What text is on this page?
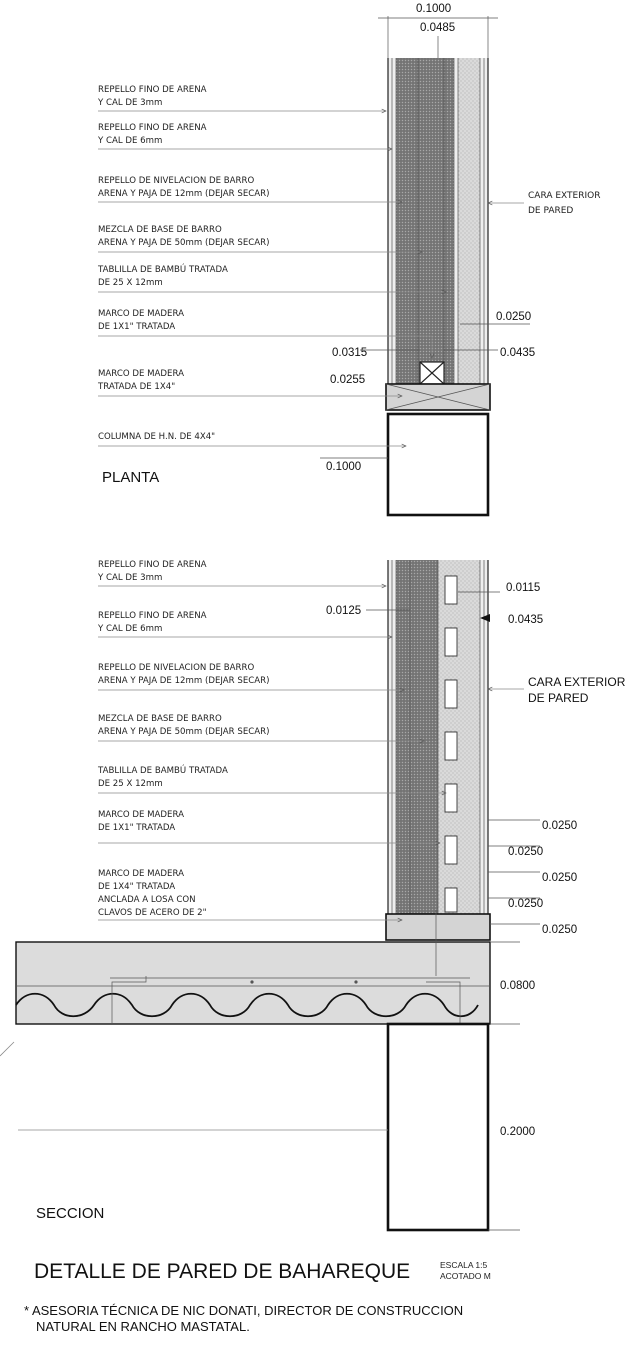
0.1000
0.0485
REPELLO FINO DE ARENA
Y CAL DE 3mm
REPELLO FINO DE ARENA
Y CAL DE 6mm
REPELLO DE NIVELACION DE BARRO
ARENA Y PAJA DE 12mm (DEJAR SECAR)
MEZCLA DE BASE DE BARRO
ARENA Y PAJA DE 50mm (DEJAR SECAR)
TABLILLA DE BAMBÚ TRATADA
DE 25 X 12mm
MARCO DE MADERA
DE 1X1" TRATADA
MARCO DE MADERA
TRATADA DE 1X4"
COLUMNA DE H.N. DE 4X4"
CARA EXTERIOR
DE PARED
0.0250
0.0315	0.0435
0.0255
0.1000
PLANTA
REPELLO FINO DE ARENA
Y CAL DE 3mm
REPELLO FINO DE ARENA
Y CAL DE 6mm
REPELLO DE NIVELACION DE BARRO
ARENA Y PAJA DE 12mm (DEJAR SECAR)
MEZCLA DE BASE DE BARRO
ARENA Y PAJA DE 50mm (DEJAR SECAR)
TABLILLA DE BAMBÚ TRATADA
DE 25 X 12mm
MARCO DE MADERA
DE 1X1" TRATADA
MARCO DE MADERA
DE 1X4" TRATADA
ANCLADA A LOSA CON
CLAVOS DE ACERO DE 2"
CARA EXTERIOR
DE PARED
0.0115
0.0125
0.0435
0.0250
0.0250
0.0250
0.0250
0.0250
0.0800
0.2000
SECCION
DETALLE DE PARED DE BAHAREQUE	ESCALA 1:5
ACOTADO M
* ASESORIA TÉCNICA DE NIC DONATI, DIRECTOR DE CONSTRUCCION
NATURAL EN RANCHO MASTATAL.
